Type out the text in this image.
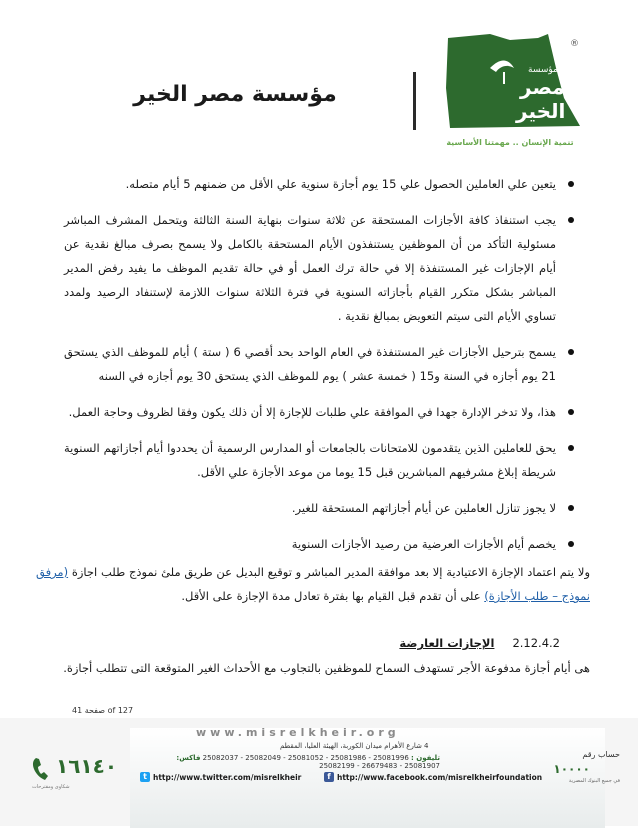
مؤسسة مصر الخير
مؤسسة
مصر
الخير
®
تنمية الإنسان .. مهمتنا الأساسية
يتعين علي العاملين الحصول علي 15 يوم أجازة سنوية علي الأقل من ضمنهم 5 أيام متصله.
يجب استنفاذ كافة الأجازات المستحقة عن ثلاثة سنوات بنهاية السنة الثالثة ويتحمل المشرف المباشر مسئولية التأكد من أن الموظفين يستنفذون الأيام المستحقة بالكامل ولا يسمح بصرف مبالغ نقدية عن أيام الإجازات غير المستنفذة إلا في حالة ترك العمل أو في حالة تقديم الموظف ما يفيد رفض المدير المباشر بشكل متكرر القيام بأجازاته السنوية في فترة الثلاثة سنوات اللازمة لإستنفاد الرصيد ولمدد تساوي الأيام التى سيتم التعويض بمبالغ نقدية .
يسمح بترحيل الأجازات غير المستنفذة في العام الواحد بحد أقصي 6 ( ستة ) أيام للموظف الذي يستحق 21 يوم أجازه في السنة و15 ( خمسة عشر ) يوم للموظف الذي يستحق 30 يوم أجازه في السنه
هذا، ولا تدخر الإدارة جهدا في الموافقة علي طلبات للإجازة إلا أن ذلك يكون وفقا لظروف وحاجة العمل.
يحق للعاملين الذين يتقدمون للامتحانات بالجامعات أو المدارس الرسمية أن يحددوا أيام أجازاتهم السنوية شريطة إبلاغ مشرفيهم المباشرين قبل 15 يوما من موعد الأجازة علي الأقل.
لا يجوز تنازل العاملين عن أيام أجازاتهم المستحقة للغير.
يخصم أيام الأجازات العرضية من رصيد الأجازات السنوية
ولا يتم اعتماد الإجازة الاعتيادية إلا بعد موافقة المدير المباشر و توقيع البديل عن طريق ملئ نموذج طلب اجازة (مرفق نموذج – طلب الأجازة) على أن تقدم قبل القيام بها بفترة تعادل مدة الإجازة على الأقل.
2.12.4.2الإجازات العارضة
هى أيام أجازة مدفوعة الأجر تستهدف السماح للموظفين بالتجاوب مع الأحداث الغير المتوقعة التى تتطلب أجازة.
صفحة 41 of 127
١٦١٤٠
شكاوى ومقترحات
www.misrelkheir.org
4 شارع الأهرام ميدان الكوربة، الهيئة العليا، المقطم
تليفون : 25081996 - 25081986 - 25081052 - 25082049 - 25082037 فاكس: 25081907 - 26679483 - 25082199
t http://www.twitter.com/misrelkheir	f http://www.facebook.com/misrelkheirfoundation
حساب رقم
١٠٠٠٠
في جميع البنوك المصرية
